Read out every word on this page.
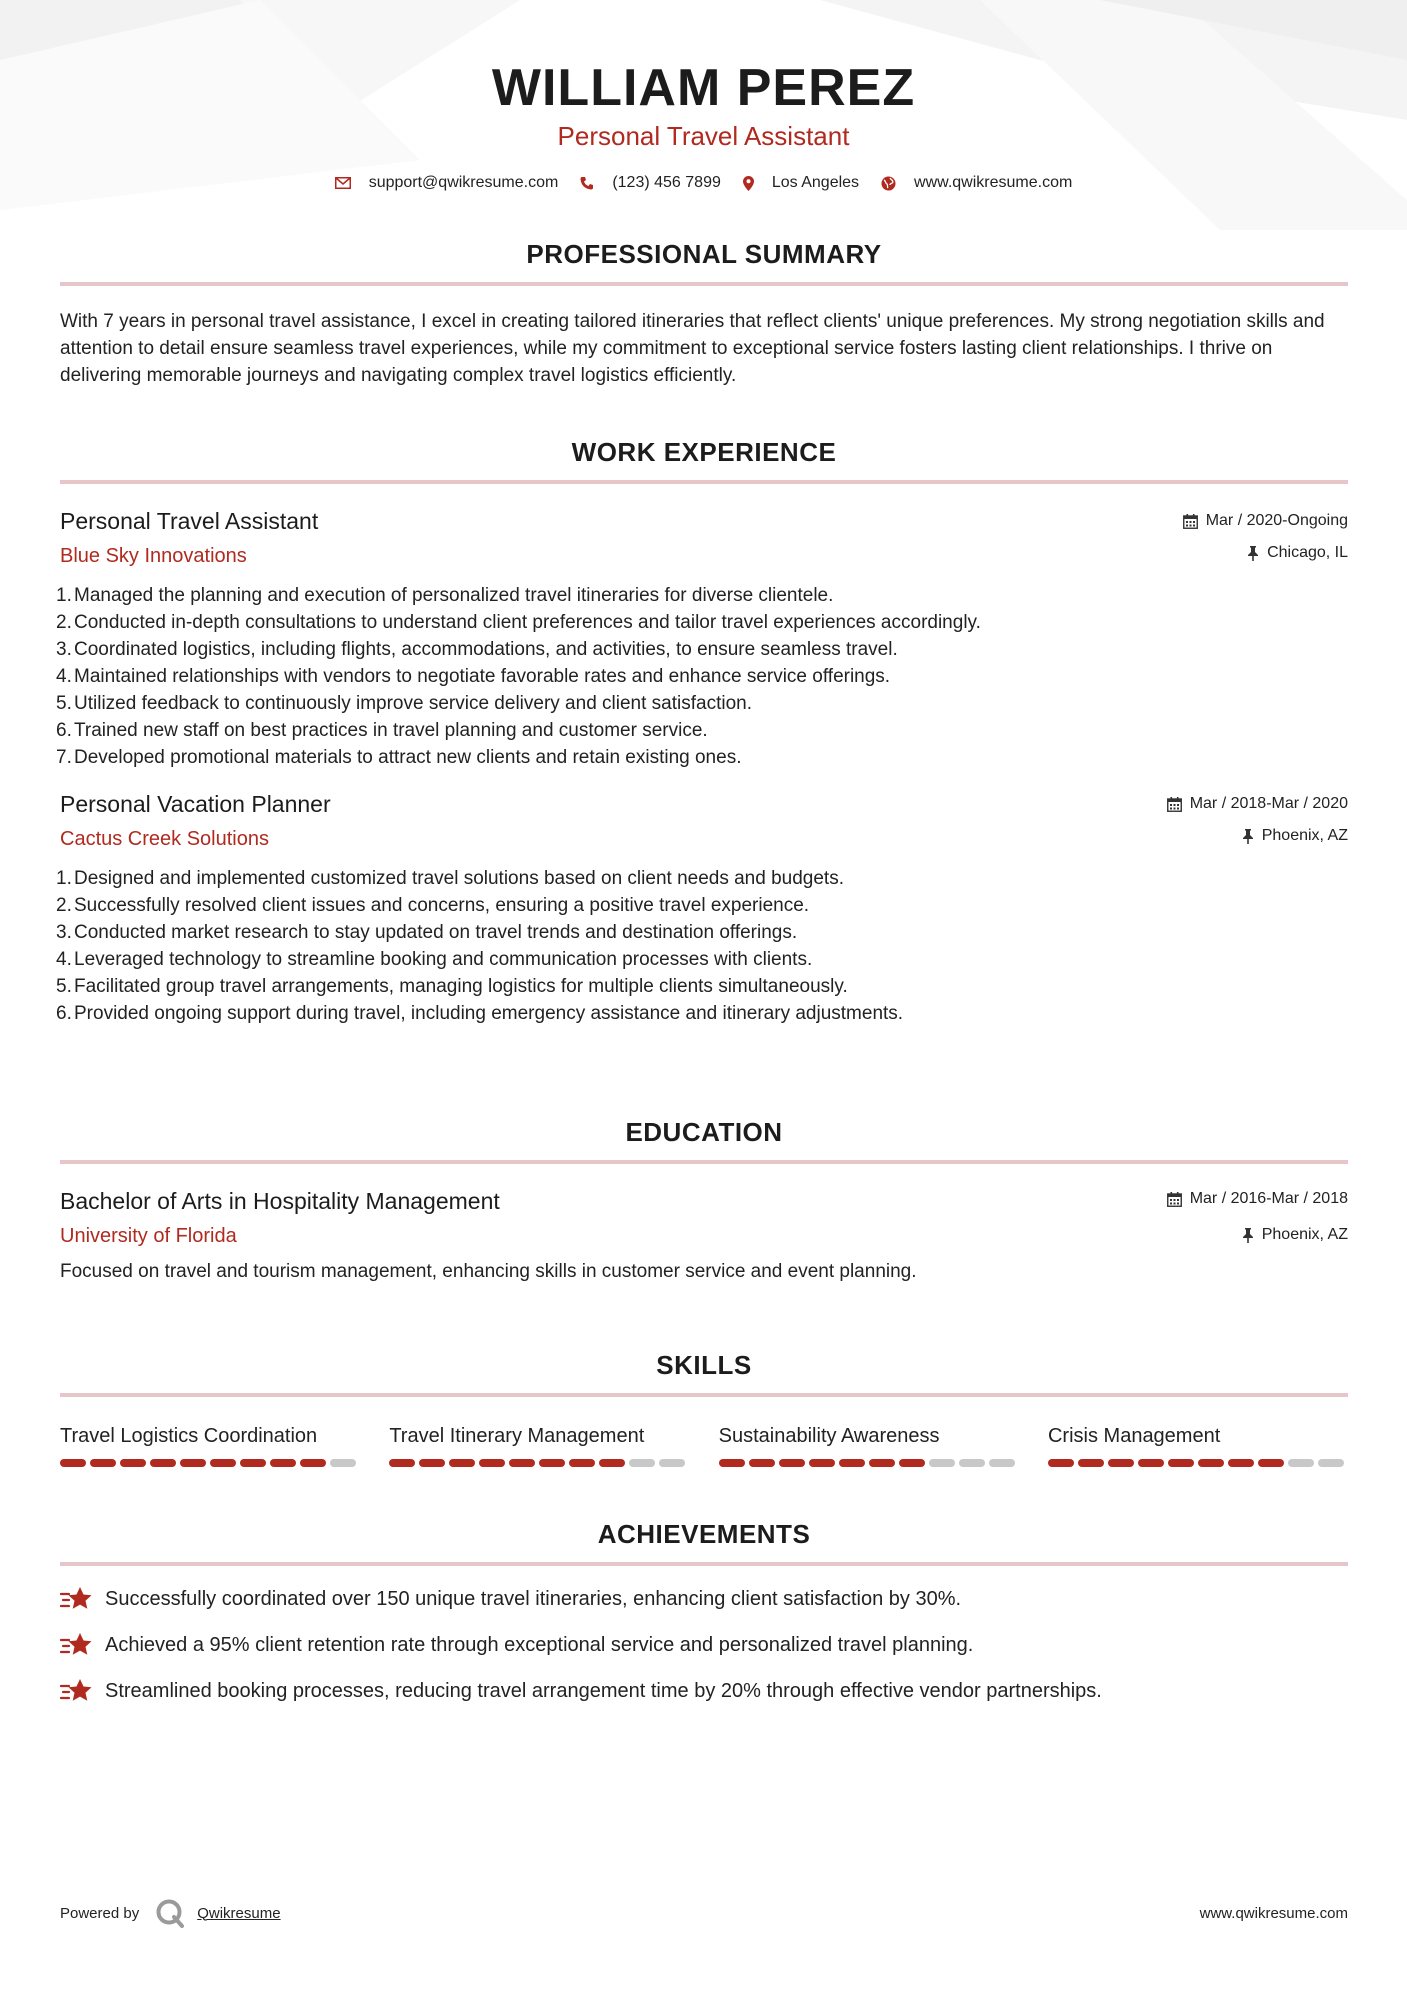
WILLIAM PEREZ
Personal Travel Assistant
support@qwikresume.com	(123) 456 7899	Los Angeles	www.qwikresume.com
PROFESSIONAL SUMMARY

With 7 years in personal travel assistance, I excel in creating tailored itineraries that reflect clients' unique preferences. My strong negotiation skills and attention to detail ensure seamless travel experiences, while my commitment to exceptional service fosters lasting client relationships. I thrive on delivering memorable journeys and navigating complex travel logistics efficiently.

WORK EXPERIENCE
Personal Travel Assistant
Blue Sky Innovations
Mar / 2020-Ongoing
Chicago, IL
1. Managed the planning and execution of personalized travel itineraries for diverse clientele.
2. Conducted in-depth consultations to understand client preferences and tailor travel experiences accordingly.
3. Coordinated logistics, including flights, accommodations, and activities, to ensure seamless travel.
4. Maintained relationships with vendors to negotiate favorable rates and enhance service offerings.
5. Utilized feedback to continuously improve service delivery and client satisfaction.
6. Trained new staff on best practices in travel planning and customer service.
7. Developed promotional materials to attract new clients and retain existing ones.
Personal Vacation Planner
Cactus Creek Solutions
Mar / 2018-Mar / 2020
Phoenix, AZ
1. Designed and implemented customized travel solutions based on client needs and budgets.
2. Successfully resolved client issues and concerns, ensuring a positive travel experience.
3. Conducted market research to stay updated on travel trends and destination offerings.
4. Leveraged technology to streamline booking and communication processes with clients.
5. Facilitated group travel arrangements, managing logistics for multiple clients simultaneously.
6. Provided ongoing support during travel, including emergency assistance and itinerary adjustments.
EDUCATION
Bachelor of Arts in Hospitality Management
University of Florida
Mar / 2016-Mar / 2018
Phoenix, AZ

Focused on travel and tourism management, enhancing skills in customer service and event planning.

SKILLS
Travel Logistics Coordination	Travel Itinerary Management	Sustainability Awareness	Crisis Management
ACHIEVEMENTS
Successfully coordinated over 150 unique travel itineraries, enhancing client satisfaction by 30%.
Achieved a 95% client retention rate through exceptional service and personalized travel planning.
Streamlined booking processes, reducing travel arrangement time by 20% through effective vendor partnerships.
Powered by	Qwikresume	www.qwikresume.com
